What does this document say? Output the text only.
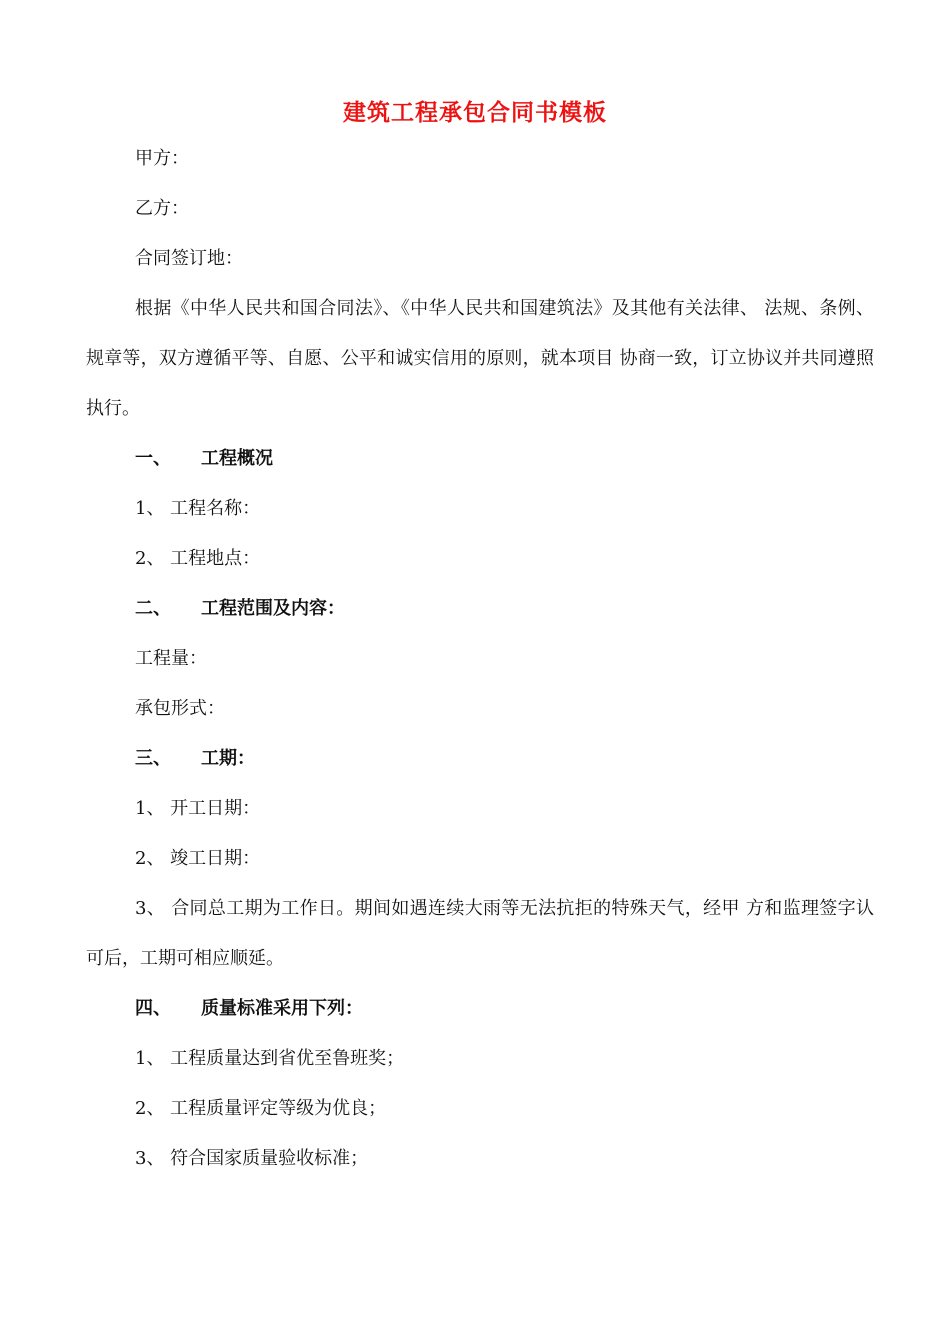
建筑工程承包合同书模板
甲方：
乙方：
合同签订地：
根据《中华人民共和国合同法》、《中华人民共和国建筑法》及其他有关法律、 法规、条例、规章等，双方遵循平等、自愿、公平和诚实信用的原则，就本项目 协商一致，订立协议并共同遵照执行。
一、 工程概况
1、 工程名称：
2、 工程地点：
二、 工程范围及内容：
工程量：
承包形式：
三、 工期：
1、 开工日期：
2、 竣工日期：
3、 合同总工期为工作日。期间如遇连续大雨等无法抗拒的特殊天气，经甲 方和监理签字认可后，工期可相应顺延。
四、 质量标准采用下列：
1、 工程质量达到省优至鲁班奖；
2、 工程质量评定等级为优良；
3、 符合国家质量验收标准；
